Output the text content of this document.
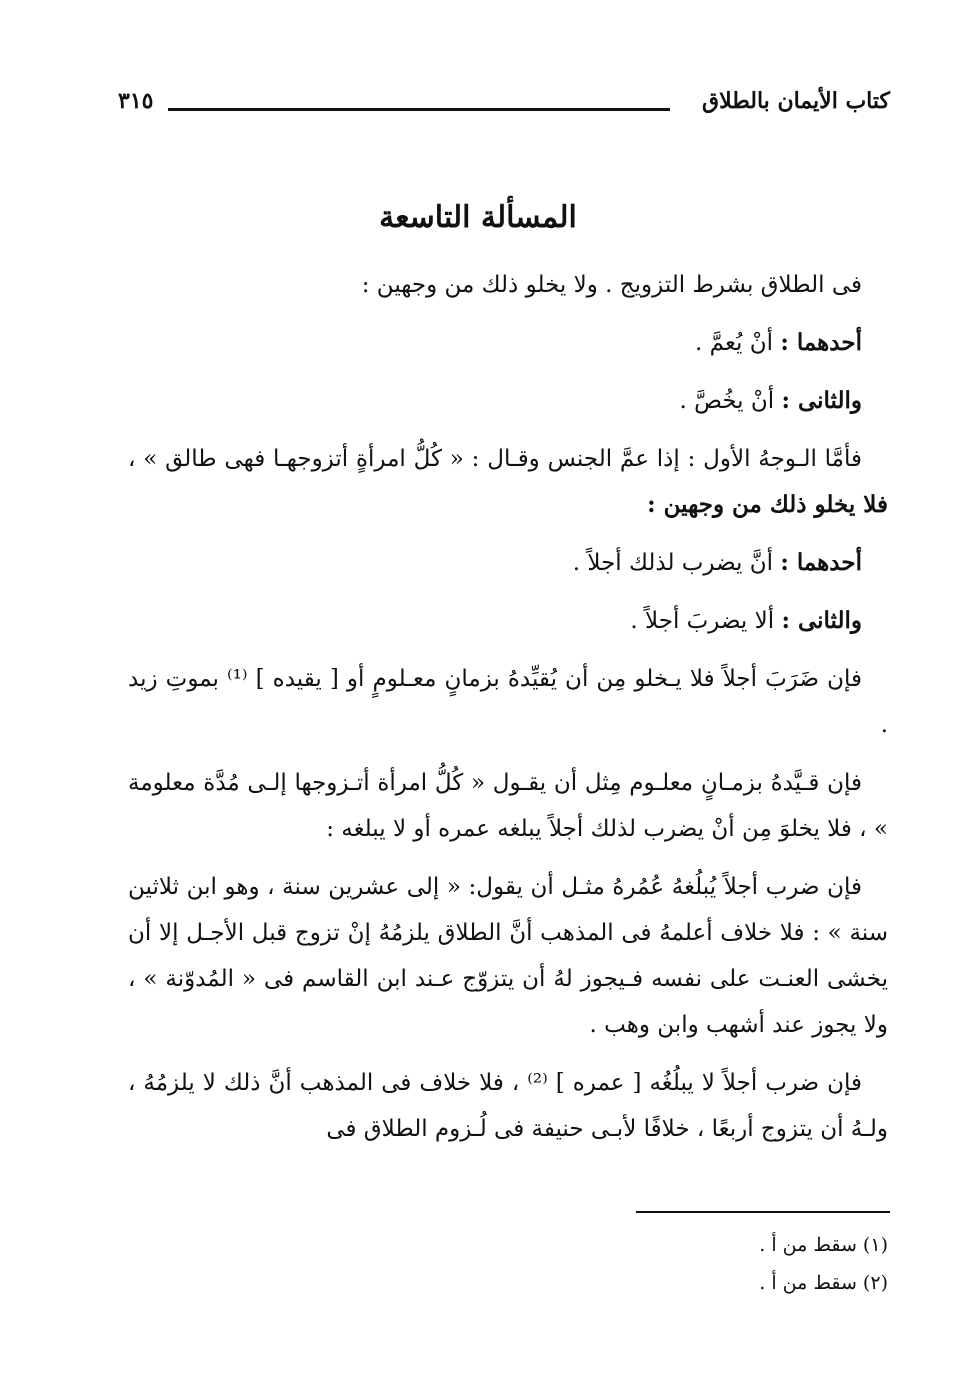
كتاب الأيمان بالطلاق
٣١٥
المسألة التاسعة

فى الطلاق بشرط التزويج . ولا يخلو ذلك من وجهين :

أحدهما : أنْ يُعمَّ .

والثانى : أنْ يخُصَّ .

فأمَّا الـوجهُ الأول : إذا عمَّ الجنس وقـال : « كُلُّ امرأةٍ أتزوجهـا فهى طالق » ، فلا يخلو ذلك من وجهين :

أحدهما : أنَّ يضرب لذلك أجلاً .

والثانى : ألا يضربَ أجلاً .

فإن ضَرَبَ أجلاً فلا يـخلو مِن أن يُقيِّدهُ بزمانٍ معـلومٍ أو [ يقيده ] ⁽¹⁾ بموتِ زيد .

فإن قـيَّدهُ بزمـانٍ معلـوم مِثل أن يقـول « كُلُّ امرأة أتـزوجها إلـى مُدَّة معلومة » ، فلا يخلوَ مِن أنْ يضرب لذلك أجلاً يبلغه عمره أو لا يبلغه :

فإن ضرب أجلاً يُبلُغهُ عُمُرهُ مثـل أن يقول: « إلى عشرين سنة ، وهو ابن ثلاثين سنة » : فلا خلاف أعلمهُ فى المذهب أنَّ الطلاق يلزمُهُ إنْ تزوج قبل الأجـل إلا أن يخشى العنـت على نفسه فـيجوز لهُ أن يتزوّج عـند ابن القاسم فى « المُدوّنة » ، ولا يجوز عند أشهب وابن وهب .

فإن ضرب أجلاً لا يبلُغُه [ عمره ] ⁽²⁾ ، فلا خلاف فى المذهب أنَّ ذلك لا يلزمُهُ ، ولـهُ أن يتزوج أربعًا ، خلافًا لأبـى حنيفة فى لُـزوم الطلاق فى

(١) سقط من أ .
(٢) سقط من أ .
